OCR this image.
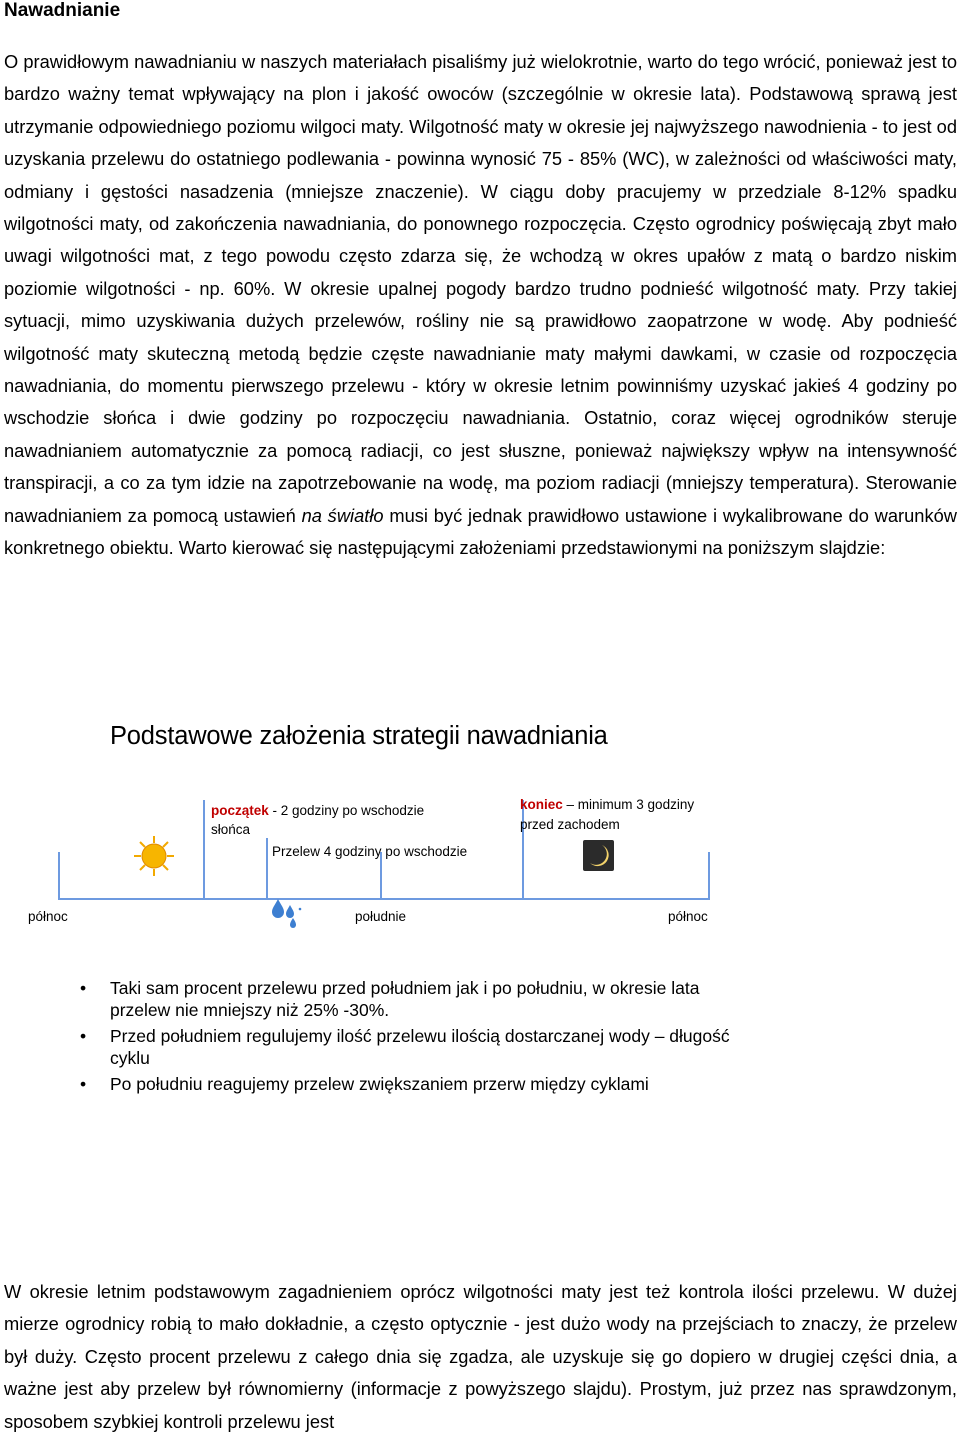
Nawadnianie

O prawidłowym nawadnianiu w naszych materiałach pisaliśmy już wielokrotnie, warto do tego wrócić, ponieważ jest to bardzo ważny temat wpływający na plon i jakość owoców (szczególnie w okresie lata). Podstawową sprawą jest utrzymanie odpowiedniego poziomu wilgoci maty. Wilgotność maty w okresie jej najwyższego nawodnienia - to jest od uzyskania przelewu do ostatniego podlewania - powinna wynosić 75 - 85% (WC), w zależności od właściwości maty, odmiany i gęstości nasadzenia (mniejsze znaczenie). W ciągu doby pracujemy w przedziale 8-12% spadku wilgotności maty, od zakończenia nawadniania, do ponownego rozpoczęcia. Często ogrodnicy poświęcają zbyt mało uwagi wilgotności mat, z tego powodu często zdarza się, że wchodzą w okres upałów z matą o bardzo niskim poziomie wilgotności - np. 60%. W okresie upalnej pogody bardzo trudno podnieść wilgotność maty. Przy takiej sytuacji, mimo uzyskiwania dużych przelewów, rośliny nie są prawidłowo zaopatrzone w wodę. Aby podnieść wilgotność maty skuteczną metodą będzie częste nawadnianie maty małymi dawkami, w czasie od rozpoczęcia nawadniania, do momentu pierwszego przelewu - który w okresie letnim powinniśmy uzyskać jakieś 4 godziny po wschodzie słońca i dwie godziny po rozpoczęciu nawadniania. Ostatnio, coraz więcej ogrodników steruje nawadnianiem automatycznie za pomocą radiacji, co jest słuszne, ponieważ największy wpływ na intensywność transpiracji, a co za tym idzie na zapotrzebowanie na wodę, ma poziom radiacji (mniejszy temperatura). Sterowanie nawadnianiem za pomocą ustawień na światło musi być jednak prawidłowo ustawione i wykalibrowane do warunków konkretnego obiektu. Warto kierować się następującymi założeniami przedstawionymi na poniższym slajdzie:

Podstawowe założenia strategii nawadniania
początek - 2 godziny po wschodzie
słońca
Przelew 4 godziny po wschodzie
koniec – minimum 3 godziny
przed zachodem
północ	południe	północ
• Taki sam procent przelewu przed południem jak i po południu, w okresie lata przelew nie mniejszy niż 25% -30%.
• Przed południem regulujemy ilość przelewu ilością dostarczanej wody – długość cyklu
• Po południu reagujemy przelew zwiększaniem przerw między cyklami

W okresie letnim podstawowym zagadnieniem oprócz wilgotności maty jest też kontrola ilości przelewu. W dużej mierze ogrodnicy robią to mało dokładnie, a często optycznie - jest dużo wody na przejściach to znaczy, że przelew był duży. Często procent przelewu z całego dnia się zgadza, ale uzyskuje się go dopiero w drugiej części dnia, a ważne jest aby przelew był równomierny (informacje z powyższego slajdu). Prostym, już przez nas sprawdzonym, sposobem szybkiej kontroli przelewu jest
